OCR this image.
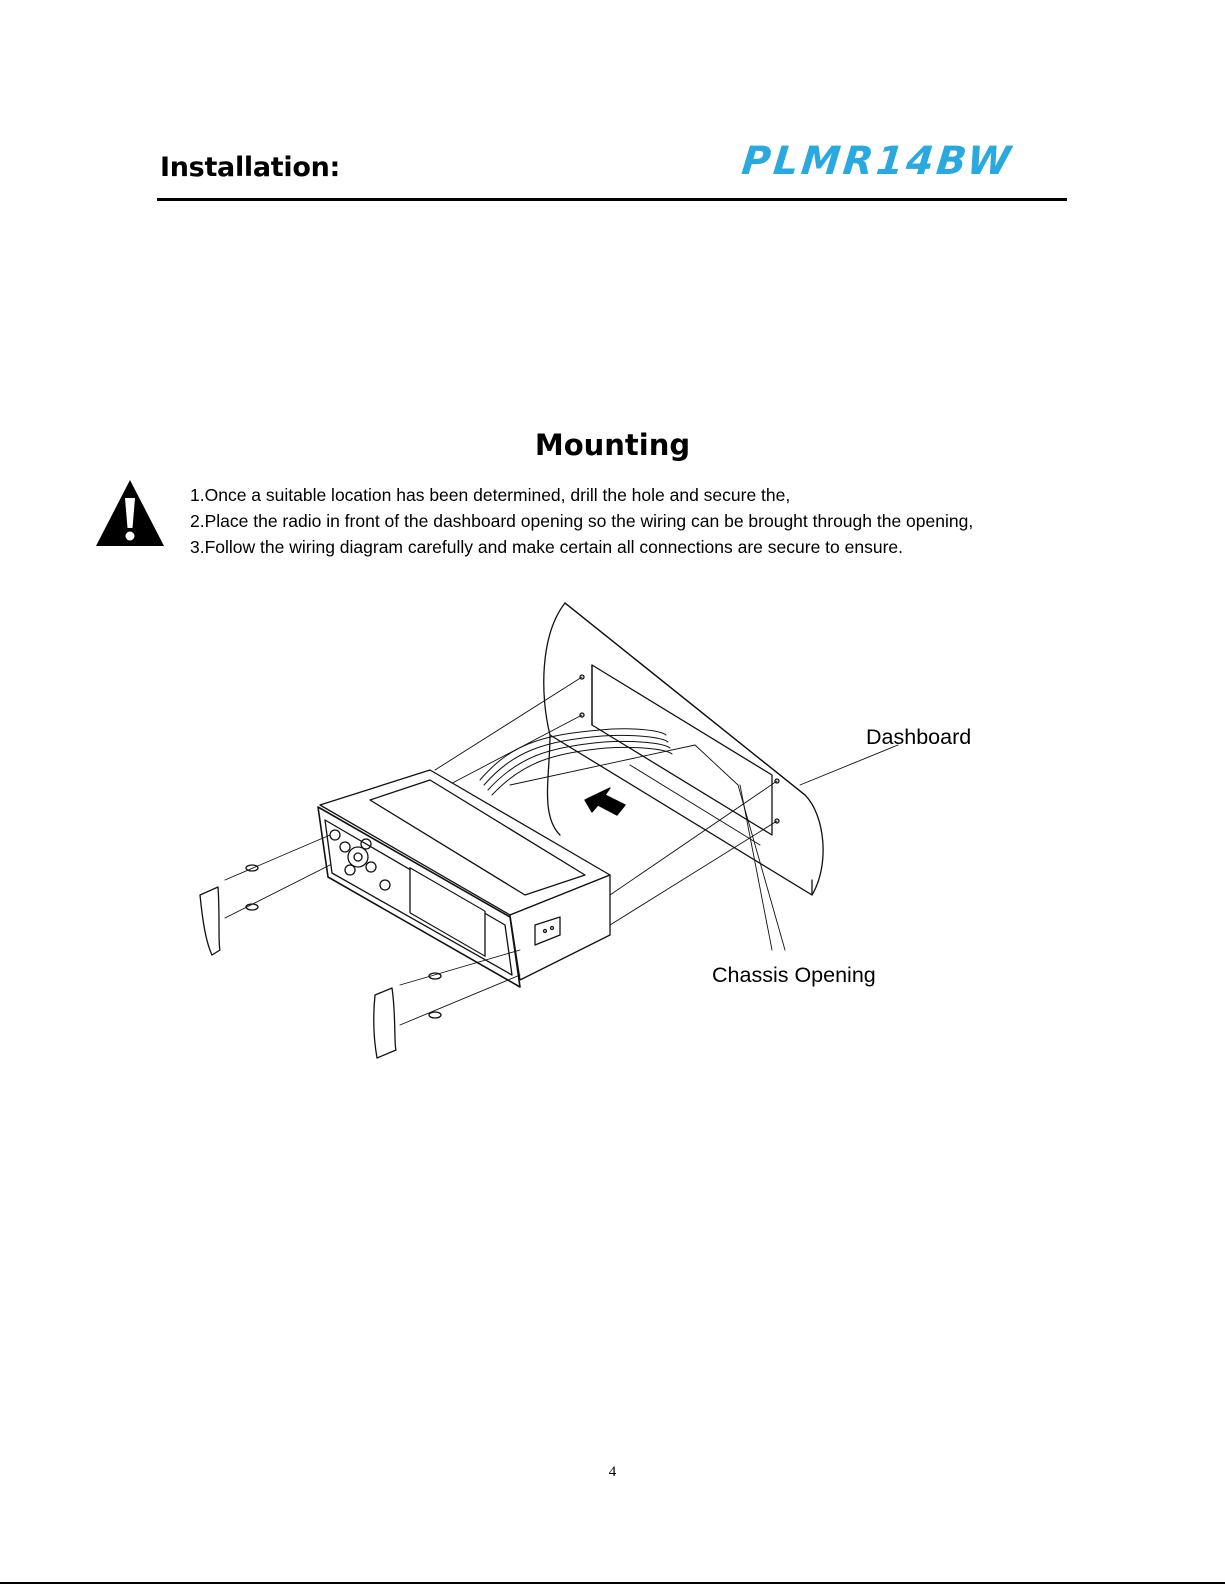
Installation:	PLMR14BW
Mounting
1.Once a suitable location has been determined, drill the hole and secure the,
2.Place the radio in front of the dashboard opening so the wiring can be brought through the opening,
3.Follow the wiring diagram carefully and make certain all connections are secure to ensure.
Dashboard
Chassis Opening
4
